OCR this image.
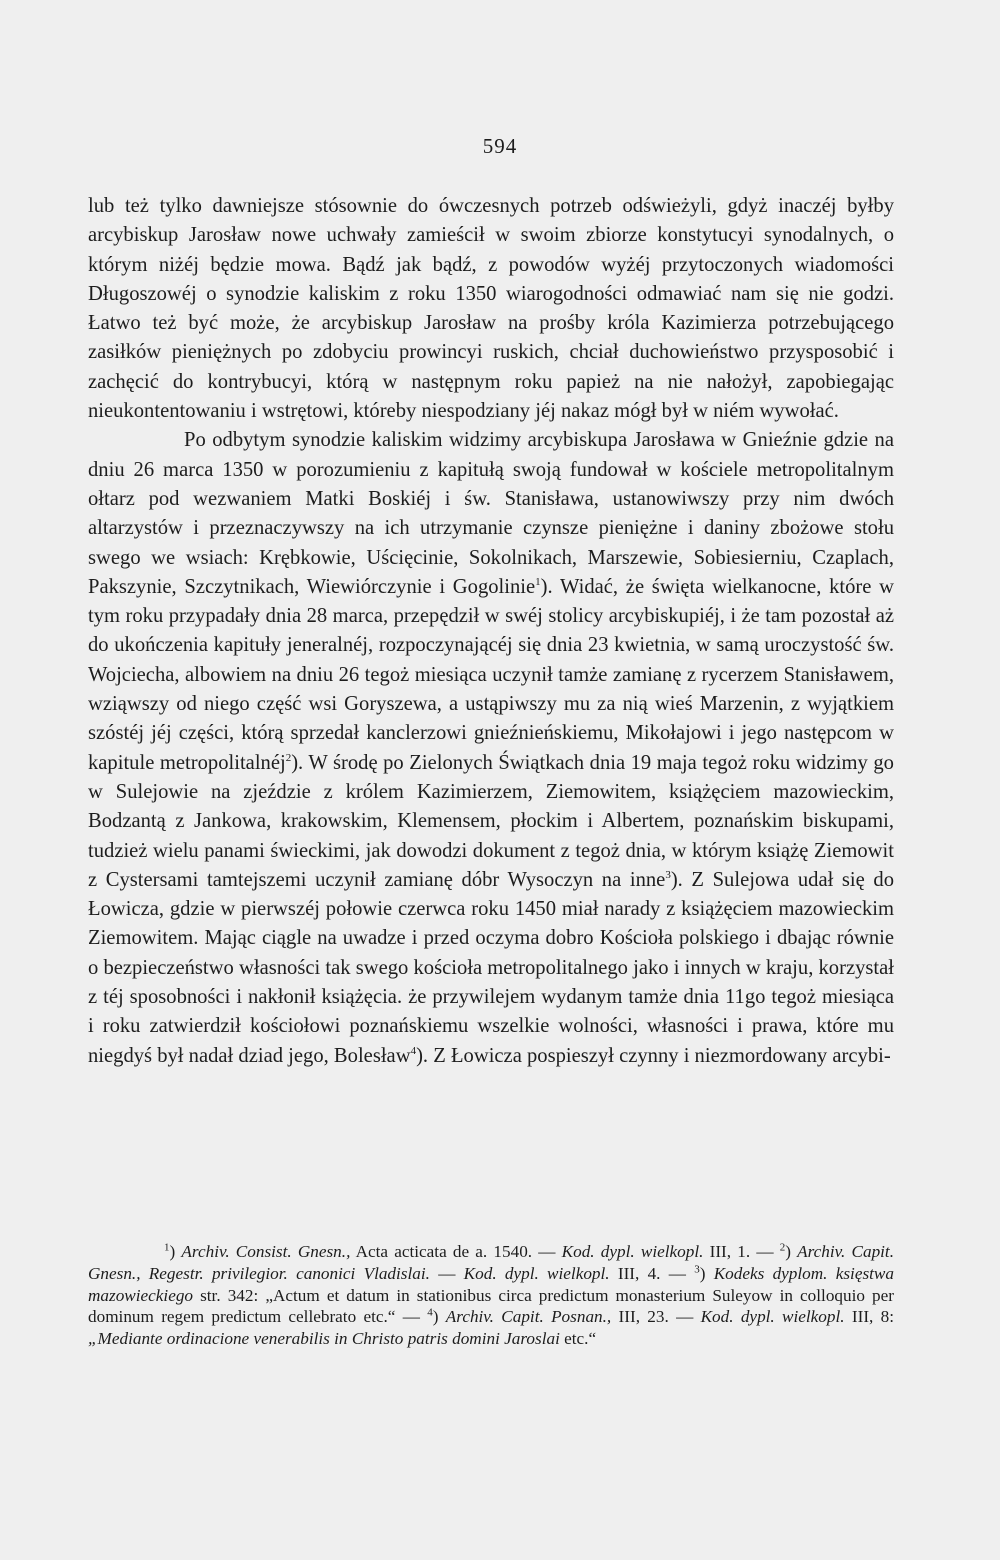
594

lub też tylko dawniejsze stósownie do ówczesnych potrzeb odświeżyli, gdyż inaczéj byłby arcybiskup Jarosław nowe uchwały zamieścił w swoim zbiorze konstytucyi synodalnych, o którym niżéj będzie mowa. Bądź jak bądź, z powodów wyżéj przytoczonych wiadomości Długoszowéj o synodzie kaliskim z roku 1350 wiarogodności odmawiać nam się nie godzi. Łatwo też być może, że arcybiskup Jarosław na prośby króla Kazimierza potrzebującego zasiłków pieniężnych po zdobyciu prowincyi ruskich, chciał duchowieństwo przysposobić i zachęcić do kontrybucyi, którą w następnym roku papież na nie nałożył, zapobiegając nieukontentowaniu i wstrętowi, któreby niespodziany jéj nakaz mógł był w niém wywołać.

Po odbytym synodzie kaliskim widzimy arcybiskupa Jarosława w Gnieźnie gdzie na dniu 26 marca 1350 w porozumieniu z kapitułą swoją fundował w kościele metropolitalnym ołtarz pod wezwaniem Matki Boskiéj i św. Stanisława, ustanowiwszy przy nim dwóch altarzystów i przeznaczywszy na ich utrzymanie czynsze pieniężne i daniny zbożowe stołu swego we wsiach: Krębkowie, Uścięcinie, Sokolnikach, Marszewie, Sobiesierniu, Czaplach, Pakszynie, Szczytnikach, Wiewiórczynie i Gogolinie$^1$). Widać, że święta wielkanocne, które w tym roku przypadały dnia 28 marca, przepędził w swéj stolicy arcybiskupiéj, i że tam pozostał aż do ukończenia kapituły jeneralnéj, rozpoczynającéj się dnia 23 kwietnia, w samą uroczystość św. Wojciecha, albowiem na dniu 26 tegoż miesiąca uczynił tamże zamianę z rycerzem Stanisławem, wziąwszy od niego część wsi Goryszewa, a ustąpiwszy mu za nią wieś Marzenin, z wyjątkiem szóstéj jéj części, którą sprzedał kanclerzowi gnieźnieńskiemu, Mikołajowi i jego następcom w kapitule metropolitalnéj$^2$). W środę po Zielonych Świątkach dnia 19 maja tegoż roku widzimy go w Sulejowie na zjeździe z królem Kazimierzem, Ziemowitem, książęciem mazowieckim, Bodzantą z Jankowa, krakowskim, Klemensem, płockim i Albertem, poznańskim biskupami, tudzież wielu panami świeckimi, jak dowodzi dokument z tegoż dnia, w którym książę Ziemowit z Cystersami tamtejszemi uczynił zamianę dóbr Wysoczyn na inne$^3$). Z Sulejowa udał się do Łowicza, gdzie w pierwszéj połowie czerwca roku 1450 miał narady z książęciem mazowieckim Ziemowitem. Mając ciągle na uwadze i przed oczyma dobro Kościoła polskiego i dbając równie o bezpieczeństwo własności tak swego kościoła metropolitalnego jako i innych w kraju, korzystał z téj sposobności i nakłonił książęcia. że przywilejem wydanym tamże dnia 11go tegoż miesiąca i roku zatwierdził kościołowi poznańskiemu wszelkie wolności, własności i prawa, które mu niegdyś był nadał dziad jego, Bolesław$^4$). Z Łowicza pospieszył czynny i niezmordowany arcybi-

$^1$) Archiv. Consist. Gnesn., Acta acticata de a. 1540. — Kod. dypl. wielkopl. III, 1. — $^2$) Archiv. Capit. Gnesn., Regestr. privilegior. canonici Vladislai. — Kod. dypl. wielkopl. III, 4. — $^3$) Kodeks dyplom. księstwa mazowieckiego str. 342: „Actum et datum in stationibus circa predictum monasterium Suleyow in colloquio per dominum regem predictum cellebrato etc.“ — $^4$) Archiv. Capit. Posnan., III, 23. — Kod. dypl. wielkopl. III, 8: „Mediante ordinacione venerabilis in Christo patris domini Jaroslai etc.“
